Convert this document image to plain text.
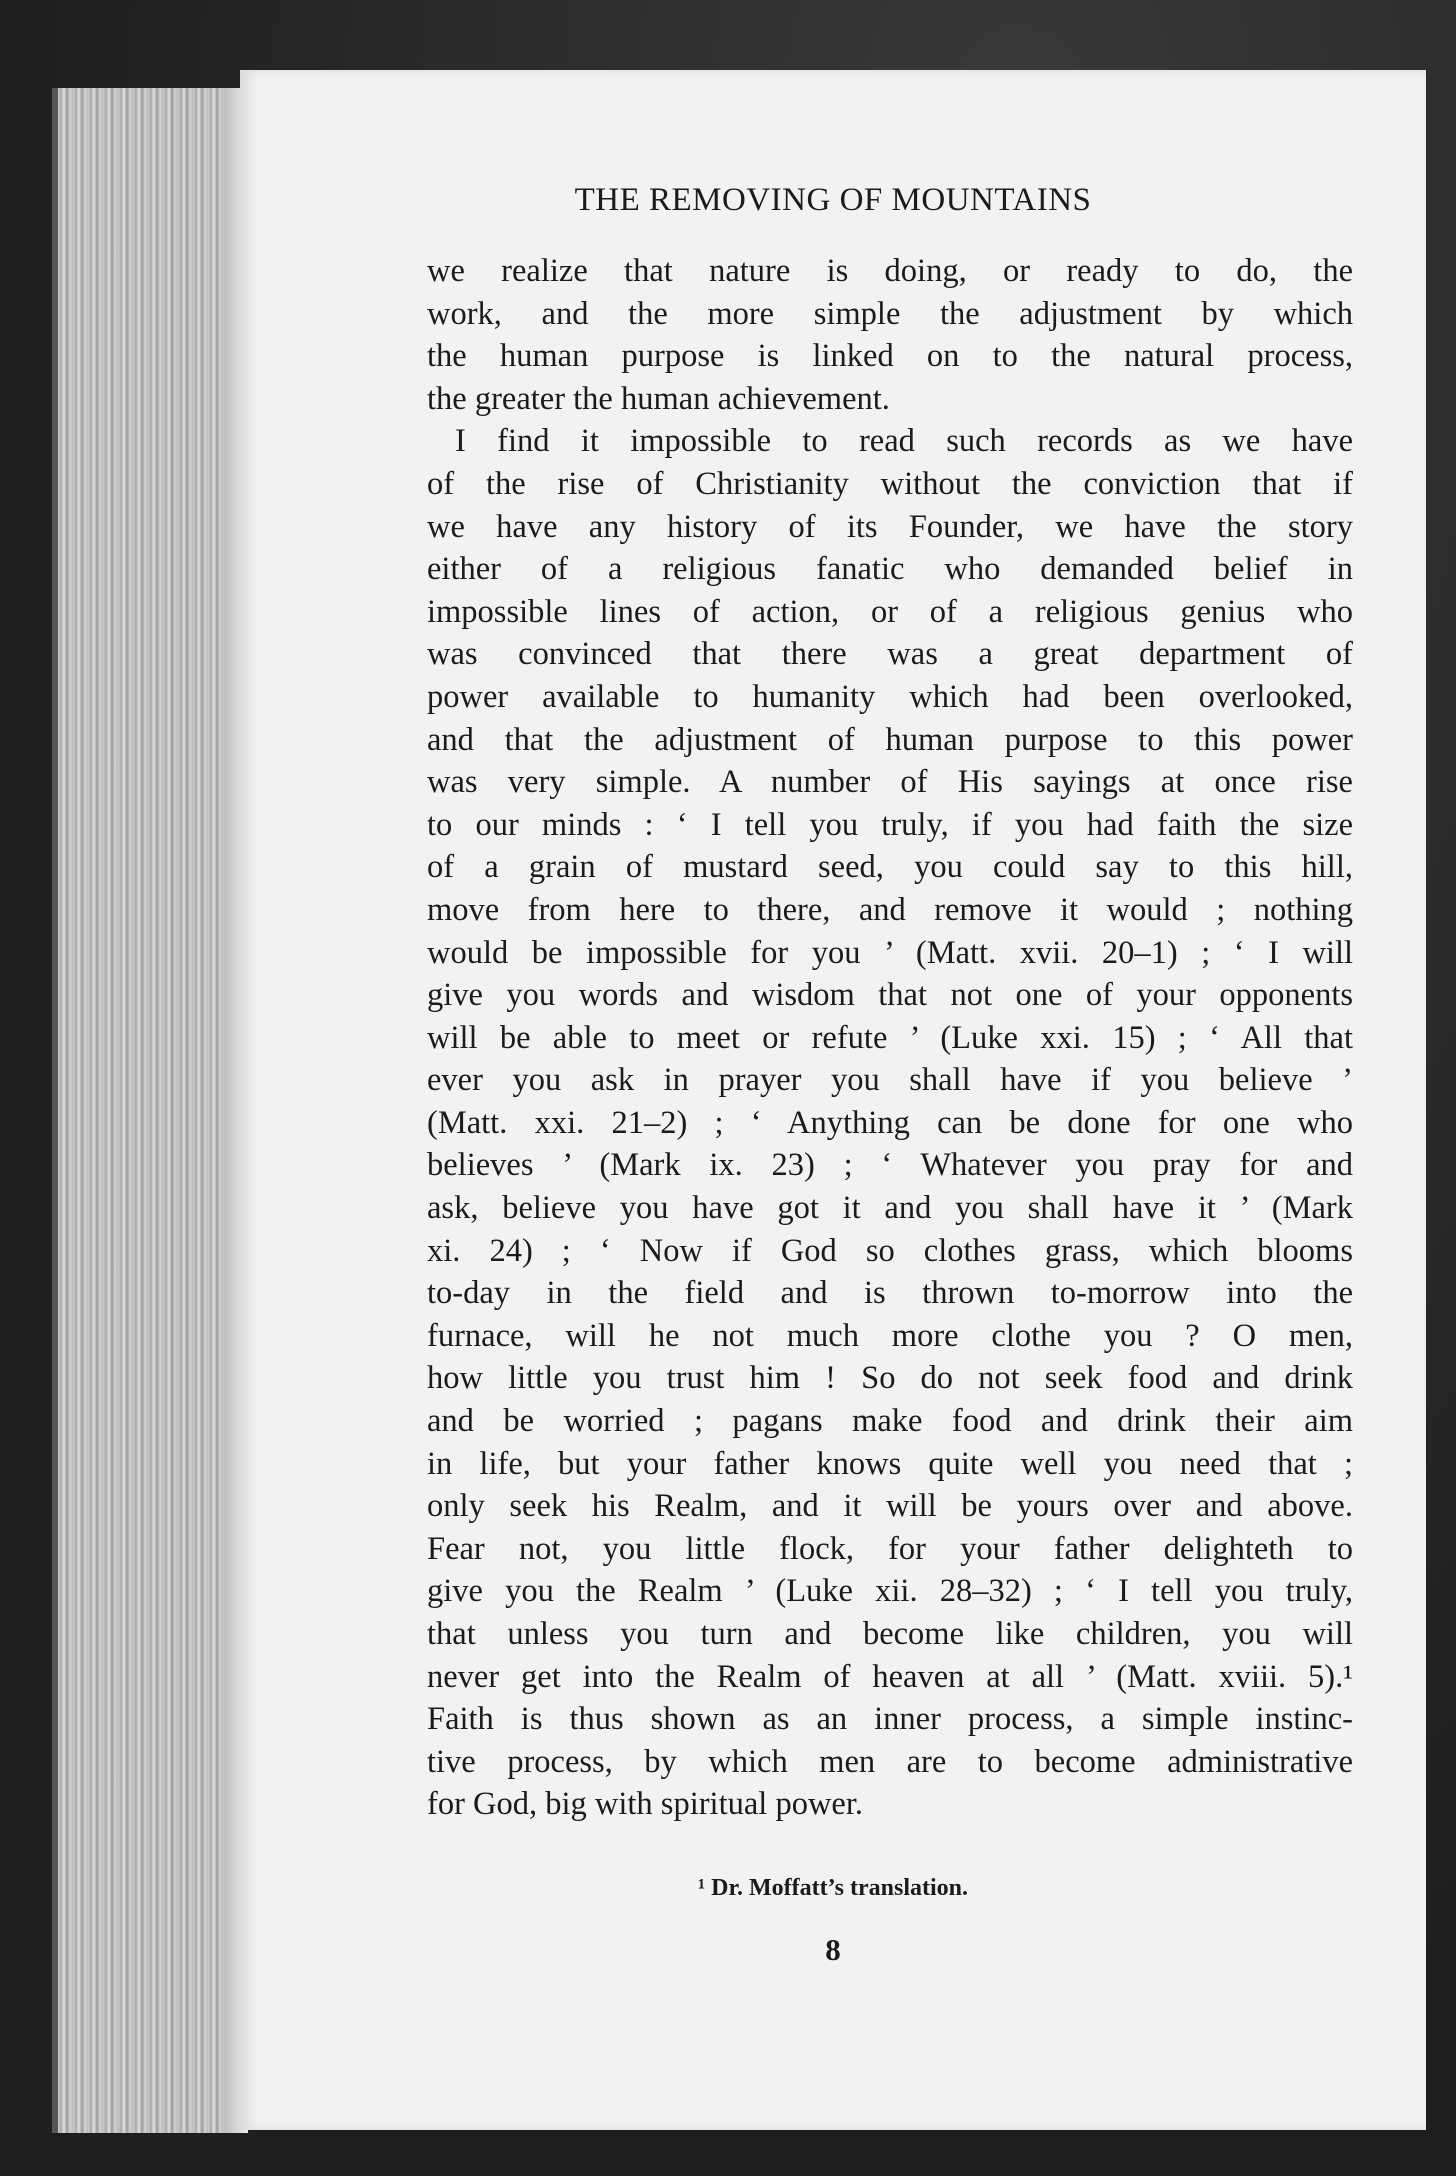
THE REMOVING OF MOUNTAINS
we realize that nature is doing, or ready to do, the
work, and the more simple the adjustment by which
the human purpose is linked on to the natural process,
the greater the human achievement.
I find it impossible to read such records as we have
of the rise of Christianity without the conviction that if
we have any history of its Founder, we have the story
either of a religious fanatic who demanded belief in
impossible lines of action, or of a religious genius who
was convinced that there was a great department of
power available to humanity which had been overlooked,
and that the adjustment of human purpose to this power
was very simple. A number of His sayings at once rise
to our minds : ‘ I tell you truly, if you had faith the size
of a grain of mustard seed, you could say to this hill,
move from here to there, and remove it would ; nothing
would be impossible for you ’ (Matt. xvii. 20–1) ; ‘ I will
give you words and wisdom that not one of your opponents
will be able to meet or refute ’ (Luke xxi. 15) ; ‘ All that
ever you ask in prayer you shall have if you believe ’
(Matt. xxi. 21–2) ; ‘ Anything can be done for one who
believes ’ (Mark ix. 23) ; ‘ Whatever you pray for and
ask, believe you have got it and you shall have it ’ (Mark
xi. 24) ; ‘ Now if God so clothes grass, which blooms
to-day in the field and is thrown to-morrow into the
furnace, will he not much more clothe you ? O men,
how little you trust him ! So do not seek food and drink
and be worried ; pagans make food and drink their aim
in life, but your father knows quite well you need that ;
only seek his Realm, and it will be yours over and above.
Fear not, you little flock, for your father delighteth to
give you the Realm ’ (Luke xii. 28–32) ; ‘ I tell you truly,
that unless you turn and become like children, you will
never get into the Realm of heaven at all ’ (Matt. xviii. 5).¹
Faith is thus shown as an inner process, a simple instinc-
tive process, by which men are to become administrative
for God, big with spiritual power.
¹ Dr. Moffatt’s translation.
8
